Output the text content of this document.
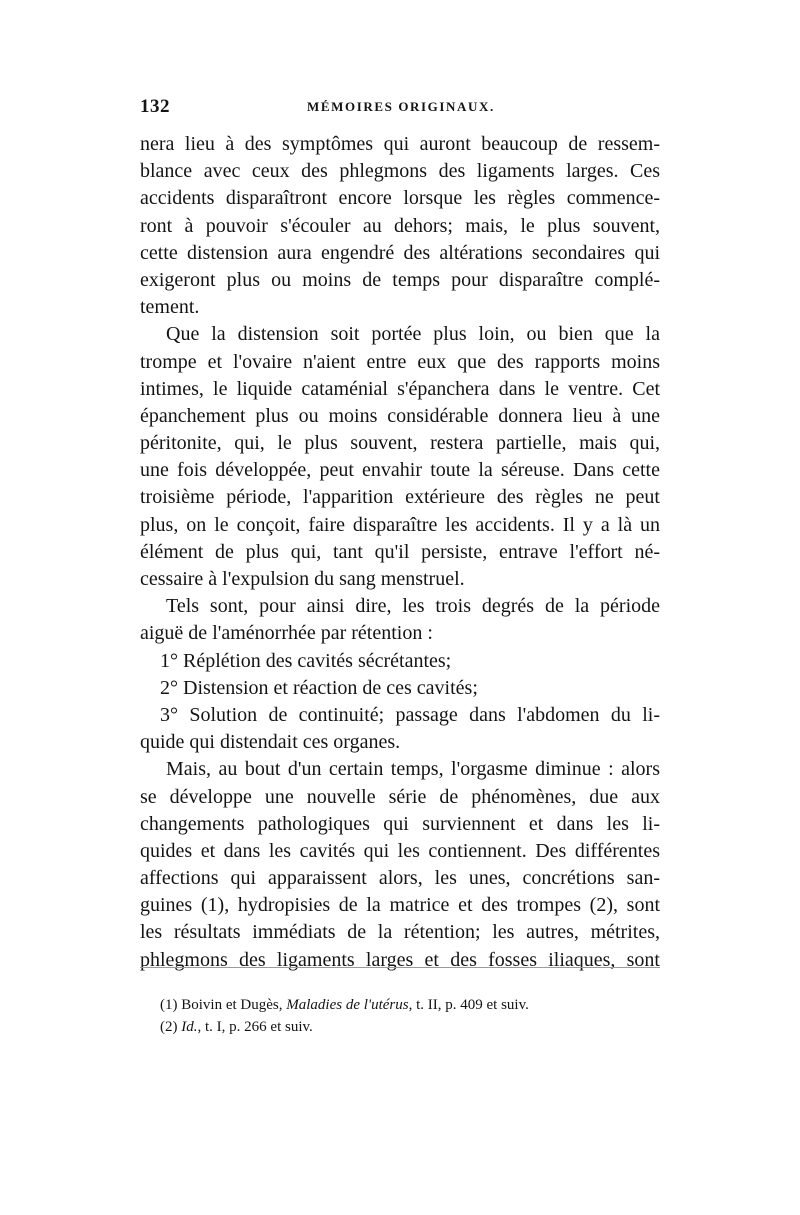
132	MÉMOIRES ORIGINAUX.
nera lieu à des symptômes qui auront beaucoup de ressem-
blance avec ceux des phlegmons des ligaments larges. Ces
accidents disparaîtront encore lorsque les règles commence-
ront à pouvoir s'écouler au dehors; mais, le plus souvent,
cette distension aura engendré des altérations secondaires qui
exigeront plus ou moins de temps pour disparaître complé-
tement.
Que la distension soit portée plus loin, ou bien que la
trompe et l'ovaire n'aient entre eux que des rapports moins
intimes, le liquide cataménial s'épanchera dans le ventre. Cet
épanchement plus ou moins considérable donnera lieu à une
péritonite, qui, le plus souvent, restera partielle, mais qui,
une fois développée, peut envahir toute la séreuse. Dans cette
troisième période, l'apparition extérieure des règles ne peut
plus, on le conçoit, faire disparaître les accidents. Il y a là un
élément de plus qui, tant qu'il persiste, entrave l'effort né-
cessaire à l'expulsion du sang menstruel.
Tels sont, pour ainsi dire, les trois degrés de la période
aiguë de l'aménorrhée par rétention :
1° Réplétion des cavités sécrétantes;
2° Distension et réaction de ces cavités;
3° Solution de continuité; passage dans l'abdomen du li-
quide qui distendait ces organes.
Mais, au bout d'un certain temps, l'orgasme diminue : alors
se développe une nouvelle série de phénomènes, due aux
changements pathologiques qui surviennent et dans les li-
quides et dans les cavités qui les contiennent. Des différentes
affections qui apparaissent alors, les unes, concrétions san-
guines (1), hydropisies de la matrice et des trompes (2), sont
les résultats immédiats de la rétention; les autres, métrites,
phlegmons des ligaments larges et des fosses iliaques, sont
(1) Boivin et Dugès, Maladies de l'utérus, t. II, p. 409 et suiv.
(2) Id., t. I, p. 266 et suiv.
